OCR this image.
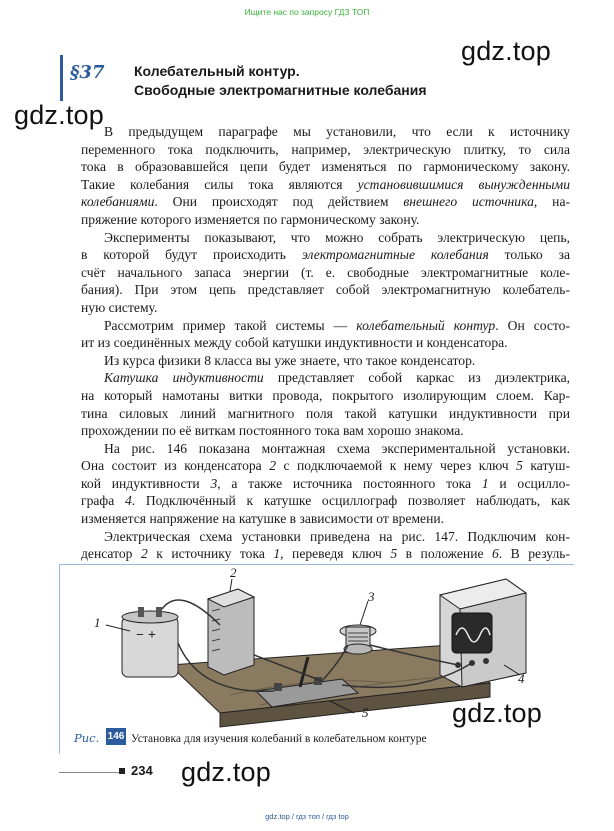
Ищите нас по запросу ГДЗ ТОП
§37 Колебательный контур.
Свободные электромагнитные колебания
gdz.top
gdz.top

В предыдущем параграфе мы установили, что если к источнику
переменного тока подключить, например, электрическую плитку, то сила
тока в образовавшейся цепи будет изменяться по гармоническому закону.
Такие колебания силы тока являются установившимися вынужденными
колебаниями. Они происходят под действием внешнего источника, на-
пряжение которого изменяется по гармоническому закону.

Эксперименты показывают, что можно собрать электрическую цепь,
в которой будут происходить электромагнитные колебания только за
счёт начального запаса энергии (т. е. свободные электромагнитные коле-
бания). При этом цепь представляет собой электромагнитную колебатель-
ную систему.

Рассмотрим пример такой системы — колебательный контур. Он состо-
ит из соединённых между собой катушки индуктивности и конденсатора.

Из курса физики 8 класса вы уже знаете, что такое конденсатор.

Катушка индуктивности представляет собой каркас из диэлектрика,
на который намотаны витки провода, покрытого изолирующим слоем. Кар-
тина силовых линий магнитного поля такой катушки индуктивности при
прохождении по её виткам постоянного тока вам хорошо знакома.

На рис. 146 показана монтажная схема экспериментальной установки.
Она состоит из конденсатора 2 с подключаемой к нему через ключ 5 катуш-
кой индуктивности 3, а также источника постоянного тока 1 и осцилло-
графа 4. Подключённый к катушке осциллограф позволяет наблюдать, как
изменяется напряжение на катушке в зависимости от времени.

Электрическая схема установки приведена на рис. 147. Подключим кон-
денсатор 2 к источнику тока 1, переведя ключ 5 в положение 6. В резуль-

− +
1
2
3
4
5	gdz.top
Рис. 146 Установка для изучения колебаний в колебательном контуре
234 gdz.top
gdz.top / гдз топ / гдз top
